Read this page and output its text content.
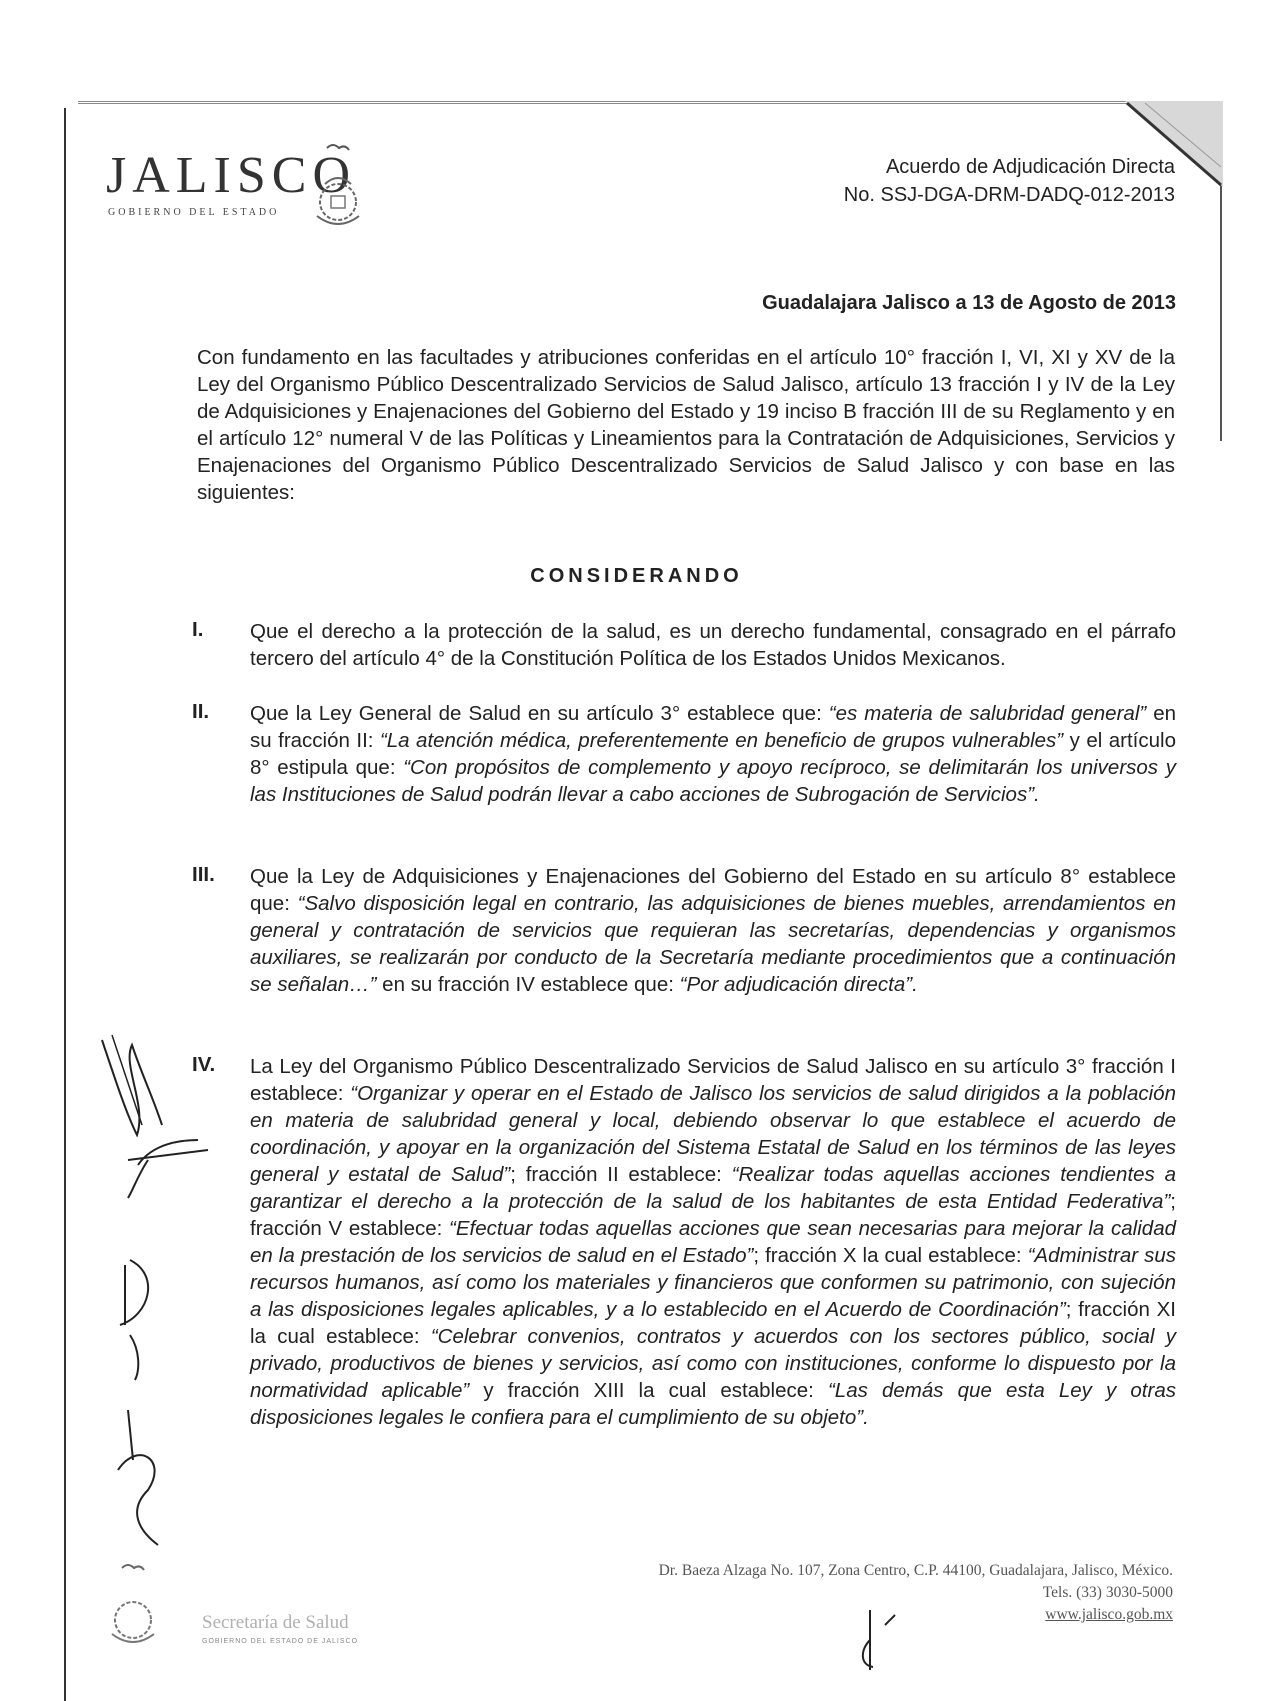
JALISCO
GOBIERNO DEL ESTADO
Acuerdo de Adjudicación Directa
No. SSJ-DGA-DRM-DADQ-012-2013
Guadalajara Jalisco a 13 de Agosto de 2013
Con fundamento en las facultades y atribuciones conferidas en el artículo 10° fracción I, VI, XI y XV de la Ley del Organismo Público Descentralizado Servicios de Salud Jalisco, artículo 13 fracción I y IV de la Ley de Adquisiciones y Enajenaciones del Gobierno del Estado y 19 inciso B fracción III de su Reglamento y en el artículo 12° numeral V de las Políticas y Lineamientos para la Contratación de Adquisiciones, Servicios y Enajenaciones del Organismo Público Descentralizado Servicios de Salud Jalisco y con base en las siguientes:
CONSIDERANDO
I. Que el derecho a la protección de la salud, es un derecho fundamental, consagrado en el párrafo tercero del artículo 4° de la Constitución Política de los Estados Unidos Mexicanos.
II. Que la Ley General de Salud en su artículo 3° establece que: “es materia de salubridad general” en su fracción II: “La atención médica, preferentemente en beneficio de grupos vulnerables” y el artículo 8° estipula que: “Con propósitos de complemento y apoyo recíproco, se delimitarán los universos y las Instituciones de Salud podrán llevar a cabo acciones de Subrogación de Servicios”.
III. Que la Ley de Adquisiciones y Enajenaciones del Gobierno del Estado en su artículo 8° establece que: “Salvo disposición legal en contrario, las adquisiciones de bienes muebles, arrendamientos en general y contratación de servicios que requieran las secretarías, dependencias y organismos auxiliares, se realizarán por conducto de la Secretaría mediante procedimientos que a continuación se señalan…” en su fracción IV establece que: “Por adjudicación directa”.
IV. La Ley del Organismo Público Descentralizado Servicios de Salud Jalisco en su artículo 3° fracción I establece: “Organizar y operar en el Estado de Jalisco los servicios de salud dirigidos a la población en materia de salubridad general y local, debiendo observar lo que establece el acuerdo de coordinación, y apoyar en la organización del Sistema Estatal de Salud en los términos de las leyes general y estatal de Salud”; fracción II establece: “Realizar todas aquellas acciones tendientes a garantizar el derecho a la protección de la salud de los habitantes de esta Entidad Federativa”; fracción V establece: “Efectuar todas aquellas acciones que sean necesarias para mejorar la calidad en la prestación de los servicios de salud en el Estado”; fracción X la cual establece: “Administrar sus recursos humanos, así como los materiales y financieros que conformen su patrimonio, con sujeción a las disposiciones legales aplicables, y a lo establecido en el Acuerdo de Coordinación”; fracción XI la cual establece: “Celebrar convenios, contratos y acuerdos con los sectores público, social y privado, productivos de bienes y servicios, así como con instituciones, conforme lo dispuesto por la normatividad aplicable” y fracción XIII la cual establece: “Las demás que esta Ley y otras disposiciones legales le confiera para el cumplimiento de su objeto”.
Secretaría de Salud
GOBIERNO DEL ESTADO DE JALISCO
Dr. Baeza Alzaga No. 107, Zona Centro, C.P. 44100, Guadalajara, Jalisco, México.
Tels. (33) 3030-5000
www.jalisco.gob.mx
